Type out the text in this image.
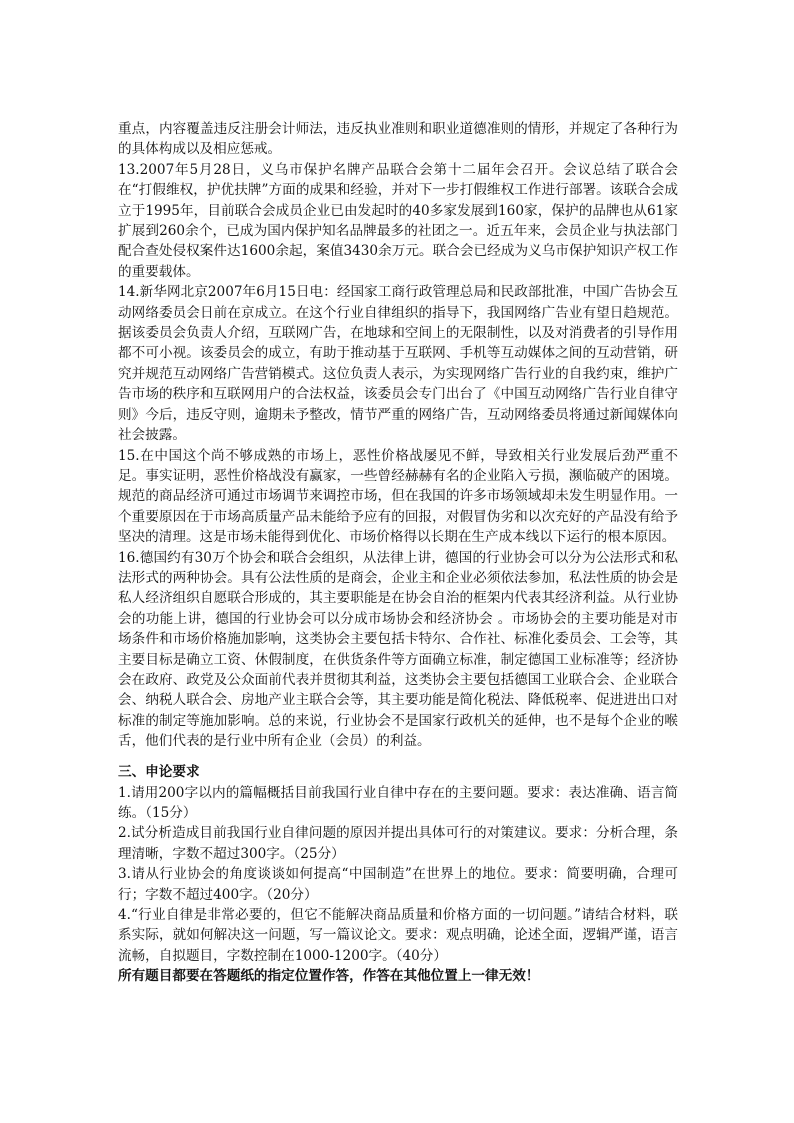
重点，内容覆盖违反注册会计师法，违反执业准则和职业道德准则的情形，并规定了各种行为的具体构成以及相应惩戒。

13.2007年5月28日，义乌市保护名牌产品联合会第十二届年会召开。会议总结了联合会在“打假维权，护优扶牌”方面的成果和经验，并对下一步打假维权工作进行部署。该联合会成立于1995年，目前联合会成员企业已由发起时的40多家发展到160家，保护的品牌也从61家扩展到260余个，已成为国内保护知名品牌最多的社团之一。近五年来，会员企业与执法部门配合查处侵权案件达1600余起，案值3430余万元。联合会已经成为义乌市保护知识产权工作的重要载体。

14.新华网北京2007年6月15日电：经国家工商行政管理总局和民政部批准，中国广告协会互动网络委员会日前在京成立。在这个行业自律组织的指导下，我国网络广告业有望日趋规范。据该委员会负责人介绍，互联网广告，在地球和空间上的无限制性，以及对消费者的引导作用都不可小视。该委员会的成立，有助于推动基于互联网、手机等互动媒体之间的互动营销，研究并规范互动网络广告营销模式。这位负责人表示，为实现网络广告行业的自我约束，维护广告市场的秩序和互联网用户的合法权益，该委员会专门出台了《中国互动网络广告行业自律守则》今后，违反守则，逾期未予整改，情节严重的网络广告，互动网络委员将通过新闻媒体向社会披露。

15.在中国这个尚不够成熟的市场上，恶性价格战屡见不鲜，导致相关行业发展后劲严重不足。事实证明，恶性价格战没有赢家，一些曾经赫赫有名的企业陷入亏损，濒临破产的困境。规范的商品经济可通过市场调节来调控市场，但在我国的许多市场领域却未发生明显作用。一个重要原因在于市场高质量产品未能给予应有的回报，对假冒伪劣和以次充好的产品没有给予坚决的清理。这是市场未能得到优化、市场价格得以长期在生产成本线以下运行的根本原因。

16.德国约有30万个协会和联合会组织，从法律上讲，德国的行业协会可以分为公法形式和私法形式的两种协会。具有公法性质的是商会，企业主和企业必须依法参加，私法性质的协会是私人经济组织自愿联合形成的，其主要职能是在协会自治的框架内代表其经济利益。从行业协会的功能上讲，德国的行业协会可以分成市场协会和经济协会 。市场协会的主要功能是对市场条件和市场价格施加影响，这类协会主要包括卡特尔、合作社、标准化委员会、工会等，其主要目标是确立工资、休假制度，在供货条件等方面确立标准，制定德国工业标准等；经济协会在政府、政党及公众面前代表并贯彻其利益，这类协会主要包括德国工业联合会、企业联合会、纳税人联合会、房地产业主联合会等，其主要功能是简化税法、降低税率、促进进出口对标准的制定等施加影响。总的来说，行业协会不是国家行政机关的延伸，也不是每个企业的喉舌，他们代表的是行业中所有企业（会员）的利益。

三、申论要求

1.请用200字以内的篇幅概括目前我国行业自律中存在的主要问题。要求：表达准确、语言简练。（15分）

2.试分析造成目前我国行业自律问题的原因并提出具体可行的对策建议。要求：分析合理，条理清晰，字数不超过300字。（25分）

3.请从行业协会的角度谈谈如何提高“中国制造”在世界上的地位。要求：简要明确，合理可行；字数不超过400字。（20分）

4.“行业自律是非常必要的，但它不能解决商品质量和价格方面的一切问题。”请结合材料，联系实际，就如何解决这一问题，写一篇议论文。要求：观点明确，论述全面，逻辑严谨，语言流畅，自拟题目，字数控制在1000-1200字。（40分）

所有题目都要在答题纸的指定位置作答，作答在其他位置上一律无效！
